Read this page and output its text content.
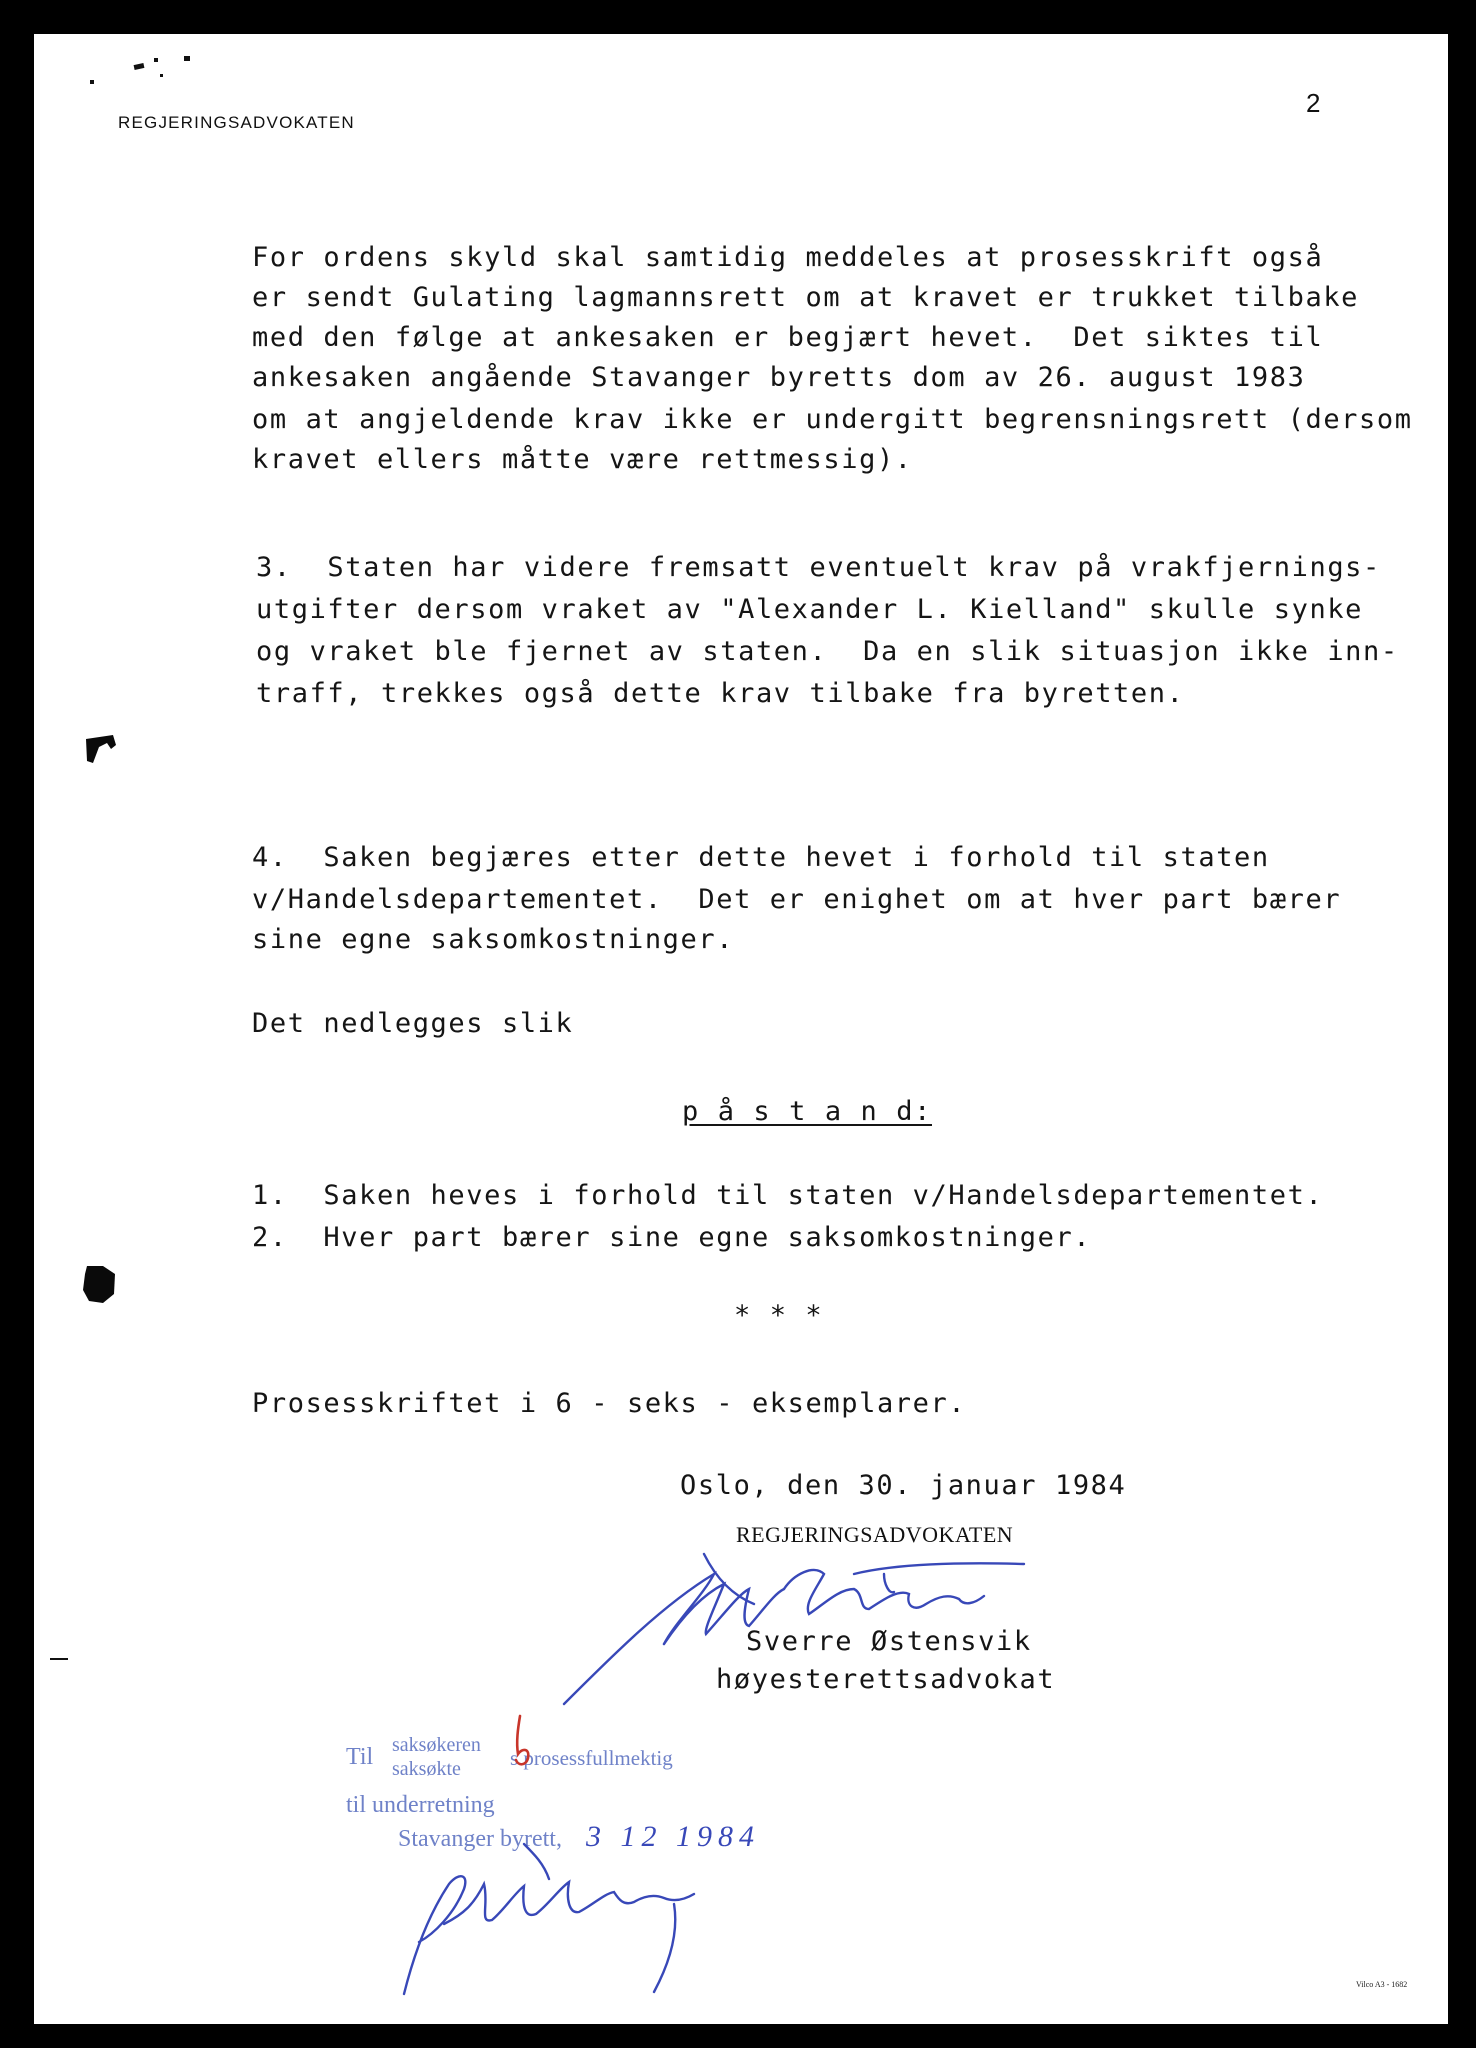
REGJERINGSADVOKATEN
2
For ordens skyld skal samtidig meddeles at prosesskrift også
er sendt Gulating lagmannsrett om at kravet er trukket tilbake
med den følge at ankesaken er begjært hevet.  Det siktes til
ankesaken angående Stavanger byretts dom av 26. august 1983
om at angjeldende krav ikke er undergitt begrensningsrett (dersom
kravet ellers måtte være rettmessig).
3.  Staten har videre fremsatt eventuelt krav på vrakfjernings-
utgifter dersom vraket av "Alexander L. Kielland" skulle synke
og vraket ble fjernet av staten.  Da en slik situasjon ikke inn-
traff, trekkes også dette krav tilbake fra byretten.
4.  Saken begjæres etter dette hevet i forhold til staten
v/Handelsdepartementet.  Det er enighet om at hver part bærer
sine egne saksomkostninger.
Det nedlegges slik
p å s t a n d:
1.  Saken heves i forhold til staten v/Handelsdepartementet.
2.  Hver part bærer sine egne saksomkostninger.
* * *
Prosesskriftet i 6 - seks - eksemplarer.
Oslo, den 30. januar 1984
REGJERINGSADVOKATEN
Sverre Østensvik
høyesterettsadvokat
Til saksøkeren
saksøkte s prosessfullmektig
til underretning
Stavanger byrett, 3 12 1984
Vilco A3 - 1682
